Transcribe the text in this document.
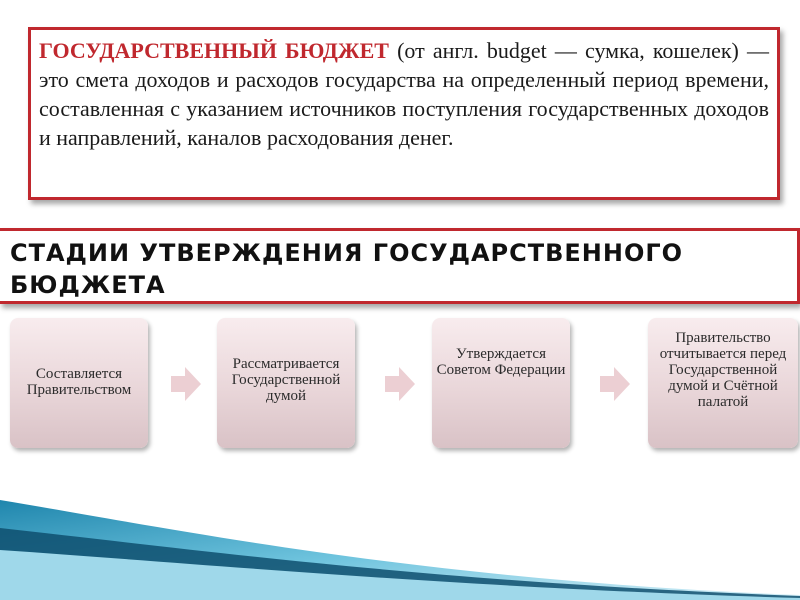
ГОСУДАРСТВЕННЫЙ БЮДЖЕТ (от англ. budget — сумка, кошелек) — это смета доходов и расходов государства на определенный период времени, составленная с указанием источников поступления государственных доходов и направлений, каналов расходования денег.

СТАДИИ УТВЕРЖДЕНИЯ ГОСУДАРСТВЕННОГО БЮДЖЕТА
Составляется Правительством
Рассматривается Государственной думой
Утверждается Советом Федерации
Правительство отчитывается перед Государственной думой и Счётной палатой
